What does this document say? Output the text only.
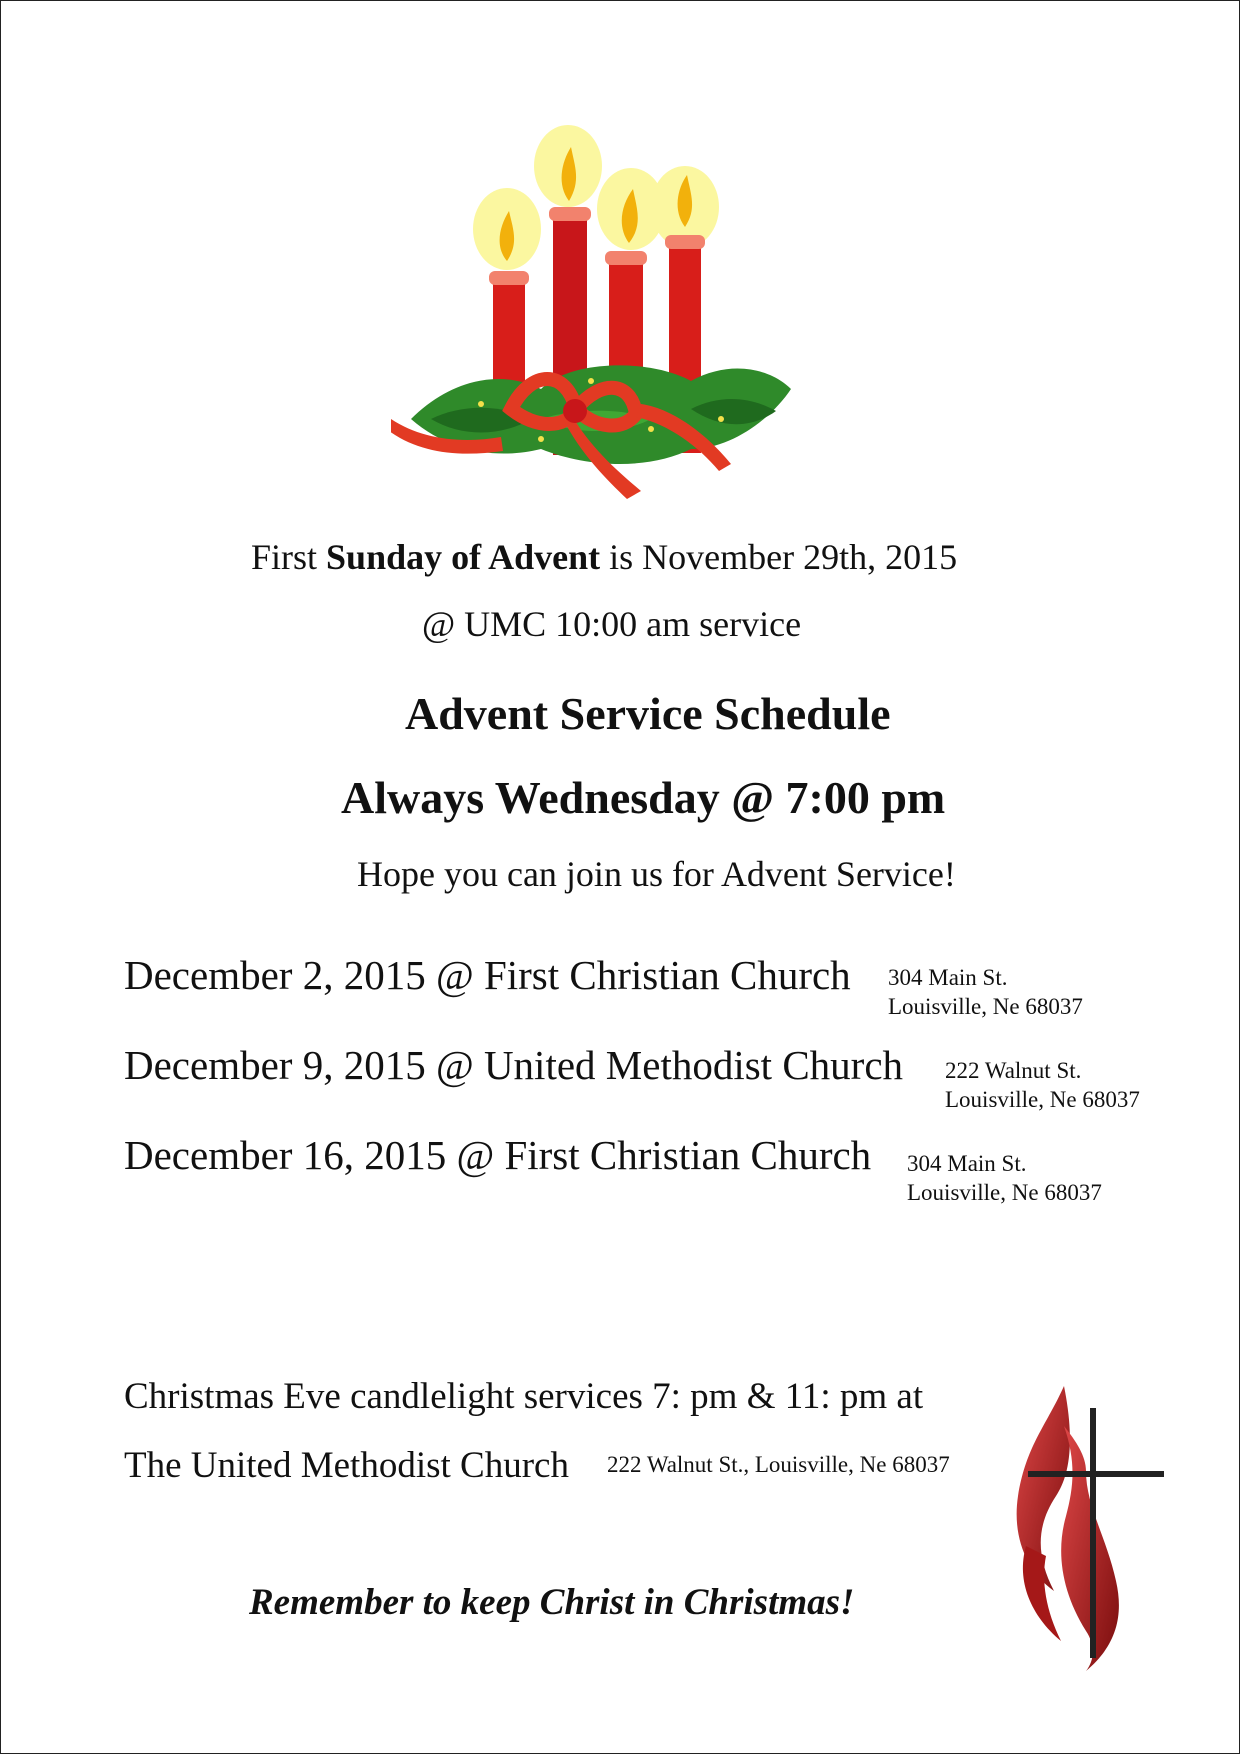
First Sunday of Advent is November 29th, 2015
@ UMC 10:00 am service
Advent Service Schedule
Always Wednesday @ 7:00 pm
Hope you can join us for Advent Service!
December 2, 2015 @ First Christian Church 304 Main St.
Louisville, Ne 68037
December 9, 2015 @ United Methodist Church 222 Walnut St.
Louisville, Ne 68037
December 16, 2015 @ First Christian Church 304 Main St.
Louisville, Ne 68037
Christmas Eve candlelight services 7: pm & 11: pm at
The United Methodist Church 222 Walnut St., Louisville, Ne 68037
Remember to keep Christ in Christmas!
